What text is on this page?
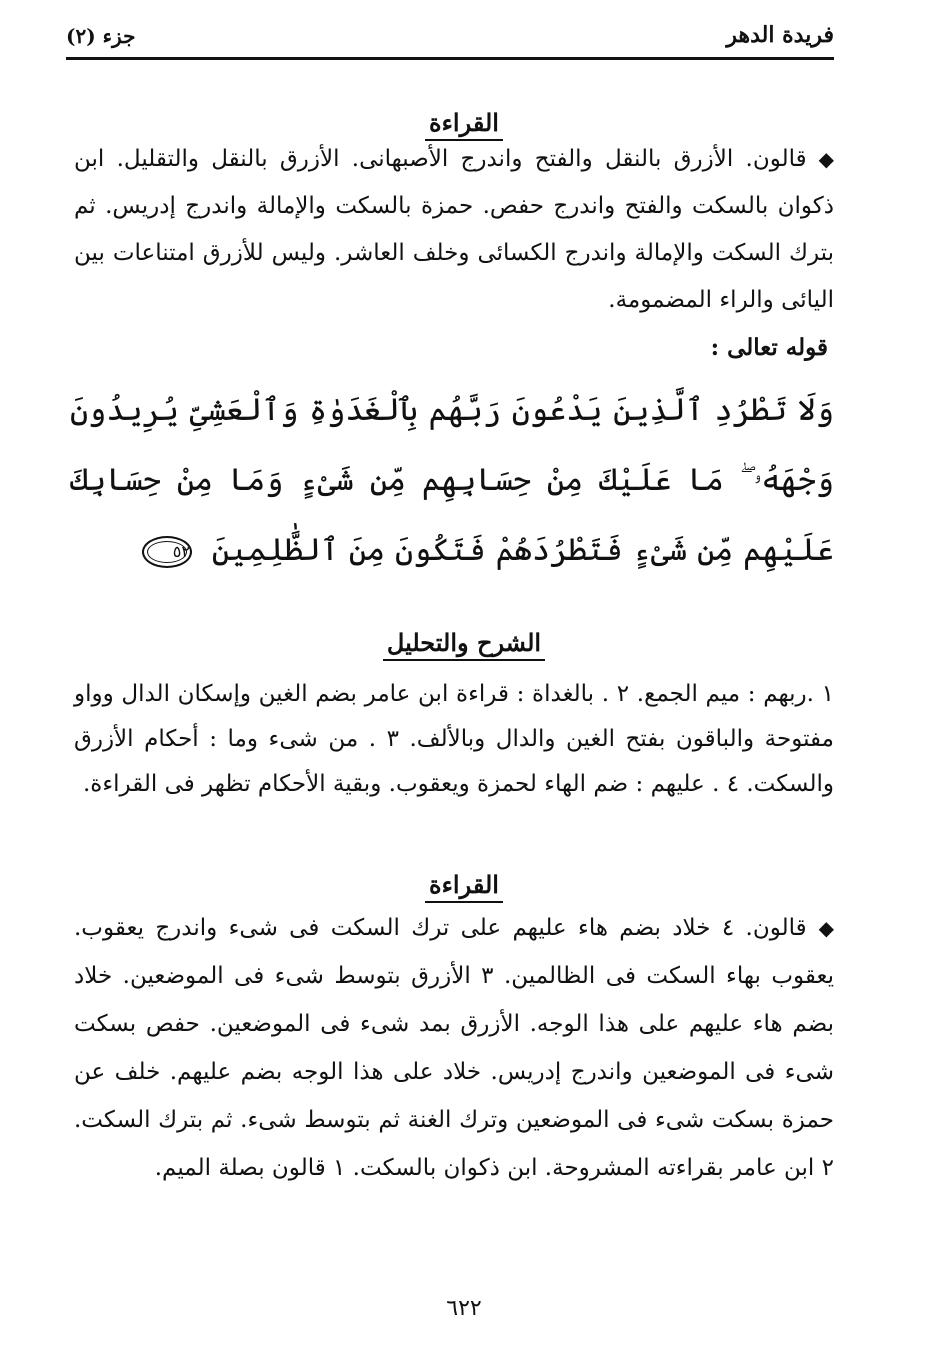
فريدة الدهر
جزء (٢)
القراءة
◆قالون. الأزرق بالنقل والفتح واندرج الأصبهانى. الأزرق بالنقل والتقليل. ابن ذكوان بالسكت والفتح واندرج حفص. حمزة بالسكت والإمالة واندرج إدريس. ثم بترك السكت والإمالة واندرج الكسائى وخلف العاشر. وليس للأزرق امتناعات بين اليائى والراء المضمومة.
قوله تعالى :
وَلَا تَطْرُدِ ٱلَّذِينَ يَدْعُونَ رَبَّهُم بِٱلْغَدَوٰةِ وَٱلْعَشِىِّ يُرِيدُونَ وَجْهَهُۥ ۖ مَا عَلَيْكَ مِنْ حِسَابِهِم مِّن شَىْءٍ وَمَا مِنْ حِسَابِكَ عَلَيْهِم مِّن شَىْءٍ فَتَطْرُدَهُمْ فَتَكُونَ مِنَ ٱلظَّٰلِمِينَ ٥٢
الشرح والتحليل
١ .ربهم : ميم الجمع. ٢ . بالغداة : قراءة ابن عامر بضم الغين وإسكان الدال وواو مفتوحة والباقون بفتح الغين والدال وبالألف. ٣ . من شىء وما : أحكام الأزرق والسكت. ٤ . عليهم : ضم الهاء لحمزة ويعقوب. وبقية الأحكام تظهر فى القراءة.
القراءة
◆قالون. ٤ خلاد بضم هاء عليهم على ترك السكت فى شىء واندرج يعقوب. يعقوب بهاء السكت فى الظالمين. ٣ الأزرق بتوسط شىء فى الموضعين. خلاد بضم هاء عليهم على هذا الوجه. الأزرق بمد شىء فى الموضعين. حفص بسكت شىء فى الموضعين واندرج إدريس. خلاد على هذا الوجه بضم عليهم. خلف عن حمزة بسكت شىء فى الموضعين وترك الغنة ثم بتوسط شىء. ثم بترك السكت. ٢ ابن عامر بقراءته المشروحة. ابن ذكوان بالسكت. ١ قالون بصلة الميم.
٦٢٢
